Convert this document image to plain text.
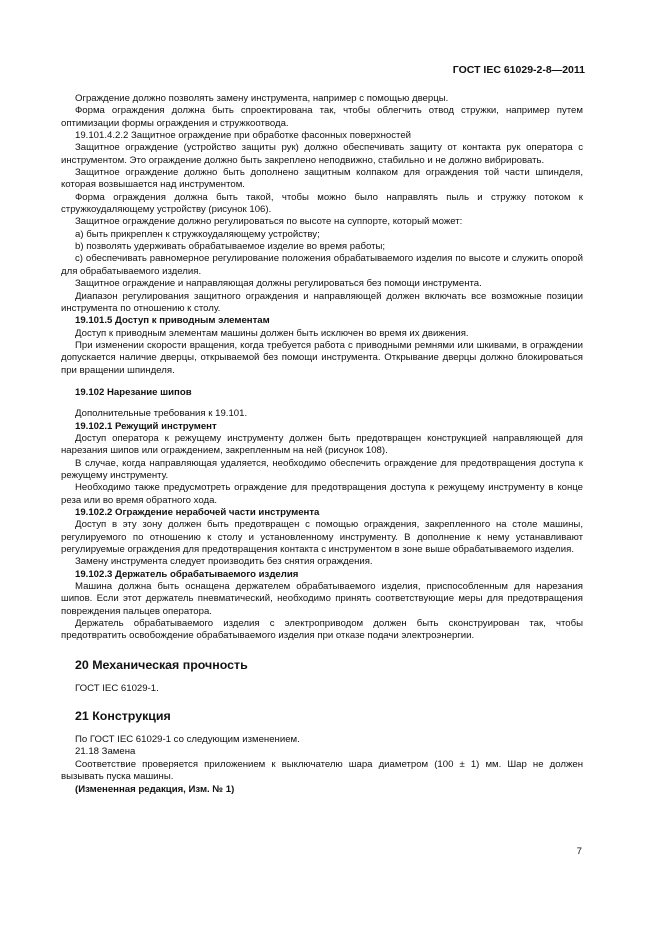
ГОСТ IEC 61029-2-8—2011

Ограждение должно позволять замену инструмента, например с помощью дверцы.

Форма ограждения должна быть спроектирована так, чтобы облегчить отвод стружки, например путем оптимизации формы ограждения и стружкоотвода.

19.101.4.2.2 Защитное ограждение при обработке фасонных поверхностей

Защитное ограждение (устройство защиты рук) должно обеспечивать защиту от контакта рук оператора с инструментом. Это ограждение должно быть закреплено неподвижно, стабильно и не должно вибрировать.

Защитное ограждение должно быть дополнено защитным колпаком для ограждения той части шпинделя, которая возвышается над инструментом.

Форма ограждения должна быть такой, чтобы можно было направлять пыль и стружку потоком к стружкоудаляющему устройству (рисунок 106).

Защитное ограждение должно регулироваться по высоте на суппорте, который может:

а) быть прикреплен к стружкоудаляющему устройству;

b) позволять удерживать обрабатываемое изделие во время работы;

с) обеспечивать равномерное регулирование положения обрабатываемого изделия по высоте и служить опорой для обрабатываемого изделия.

Защитное ограждение и направляющая должны регулироваться без помощи инструмента.

Диапазон регулирования защитного ограждения и направляющей должен включать все возможные позиции инструмента по отношению к столу.

19.101.5 Доступ к приводным элементам

Доступ к приводным элементам машины должен быть исключен во время их движения.

При изменении скорости вращения, когда требуется работа с приводными ремнями или шкивами, в ограждении допускается наличие дверцы, открываемой без помощи инструмента. Открывание дверцы должно блокироваться при вращении шпинделя.

19.102 Нарезание шипов

Дополнительные требования к 19.101.

19.102.1 Режущий инструмент

Доступ оператора к режущему инструменту должен быть предотвращен конструкцией направляющей для нарезания шипов или ограждением, закрепленным на ней (рисунок 108).

В случае, когда направляющая удаляется, необходимо обеспечить ограждение для предотвращения доступа к режущему инструменту.

Необходимо также предусмотреть ограждение для предотвращения доступа к режущему инструменту в конце реза или во время обратного хода.

19.102.2 Ограждение нерабочей части инструмента

Доступ в эту зону должен быть предотвращен с помощью ограждения, закрепленного на столе машины, регулируемого по отношению к столу и установленному инструменту. В дополнение к нему устанавливают регулируемые ограждения для предотвращения контакта с инструментом в зоне выше обрабатываемого изделия.

Замену инструмента следует производить без снятия ограждения.

19.102.3 Держатель обрабатываемого изделия

Машина должна быть оснащена держателем обрабатываемого изделия, приспособленным для нарезания шипов. Если этот держатель пневматический, необходимо принять соответствующие меры для предотвращения повреждения пальцев оператора.

Держатель обрабатываемого изделия с электроприводом должен быть сконструирован так, чтобы предотвратить освобождение обрабатываемого изделия при отказе подачи электроэнергии.

20 Механическая прочность

ГОСТ IEC 61029-1.

21 Конструкция

По ГОСТ IEC 61029-1 со следующим изменением.

21.18 Замена

Соответствие проверяется приложением к выключателю шара диаметром (100 ± 1) мм. Шар не должен вызывать пуска машины.

(Измененная редакция, Изм. № 1)

7
